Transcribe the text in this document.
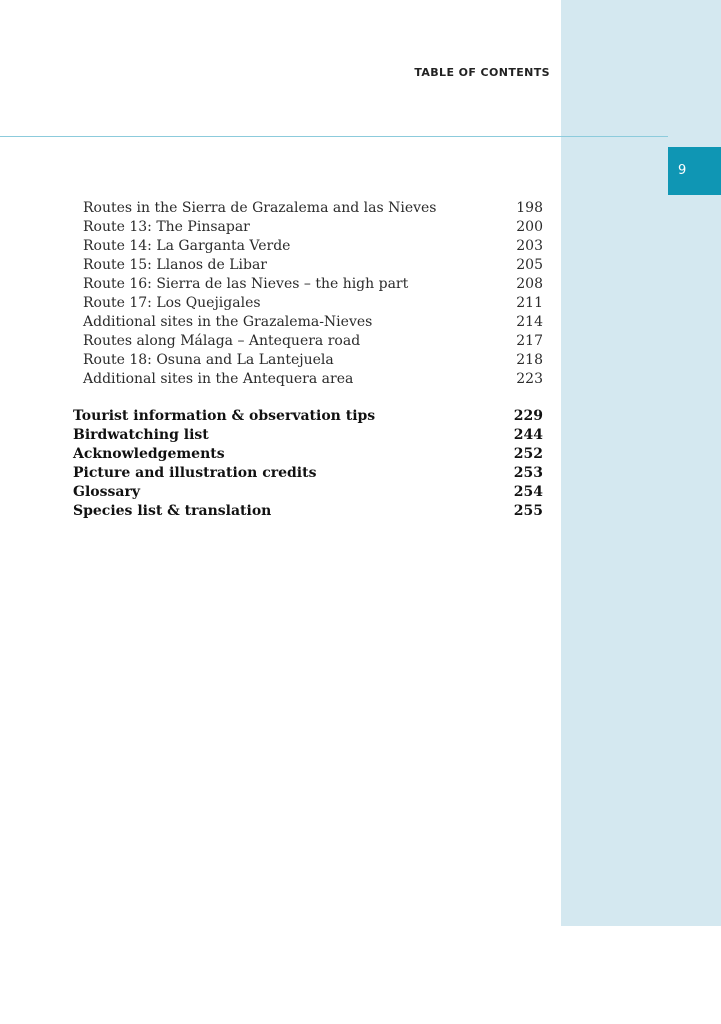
9
TABLE OF CONTENTS
Routes in the Sierra de Grazalema and las Nieves	198
Route 13: The Pinsapar	200
Route 14: La Garganta Verde	203
Route 15: Llanos de Libar	205
Route 16: Sierra de las Nieves – the high part	208
Route 17: Los Quejigales	211
Additional sites in the Grazalema-Nieves	214
Routes along Málaga – Antequera road	217
Route 18: Osuna and La Lantejuela	218
Additional sites in the Antequera area	223
Tourist information & observation tips	229
Birdwatching list	244
Acknowledgements	252
Picture and illustration credits	253
Glossary	254
Species list & translation	255
